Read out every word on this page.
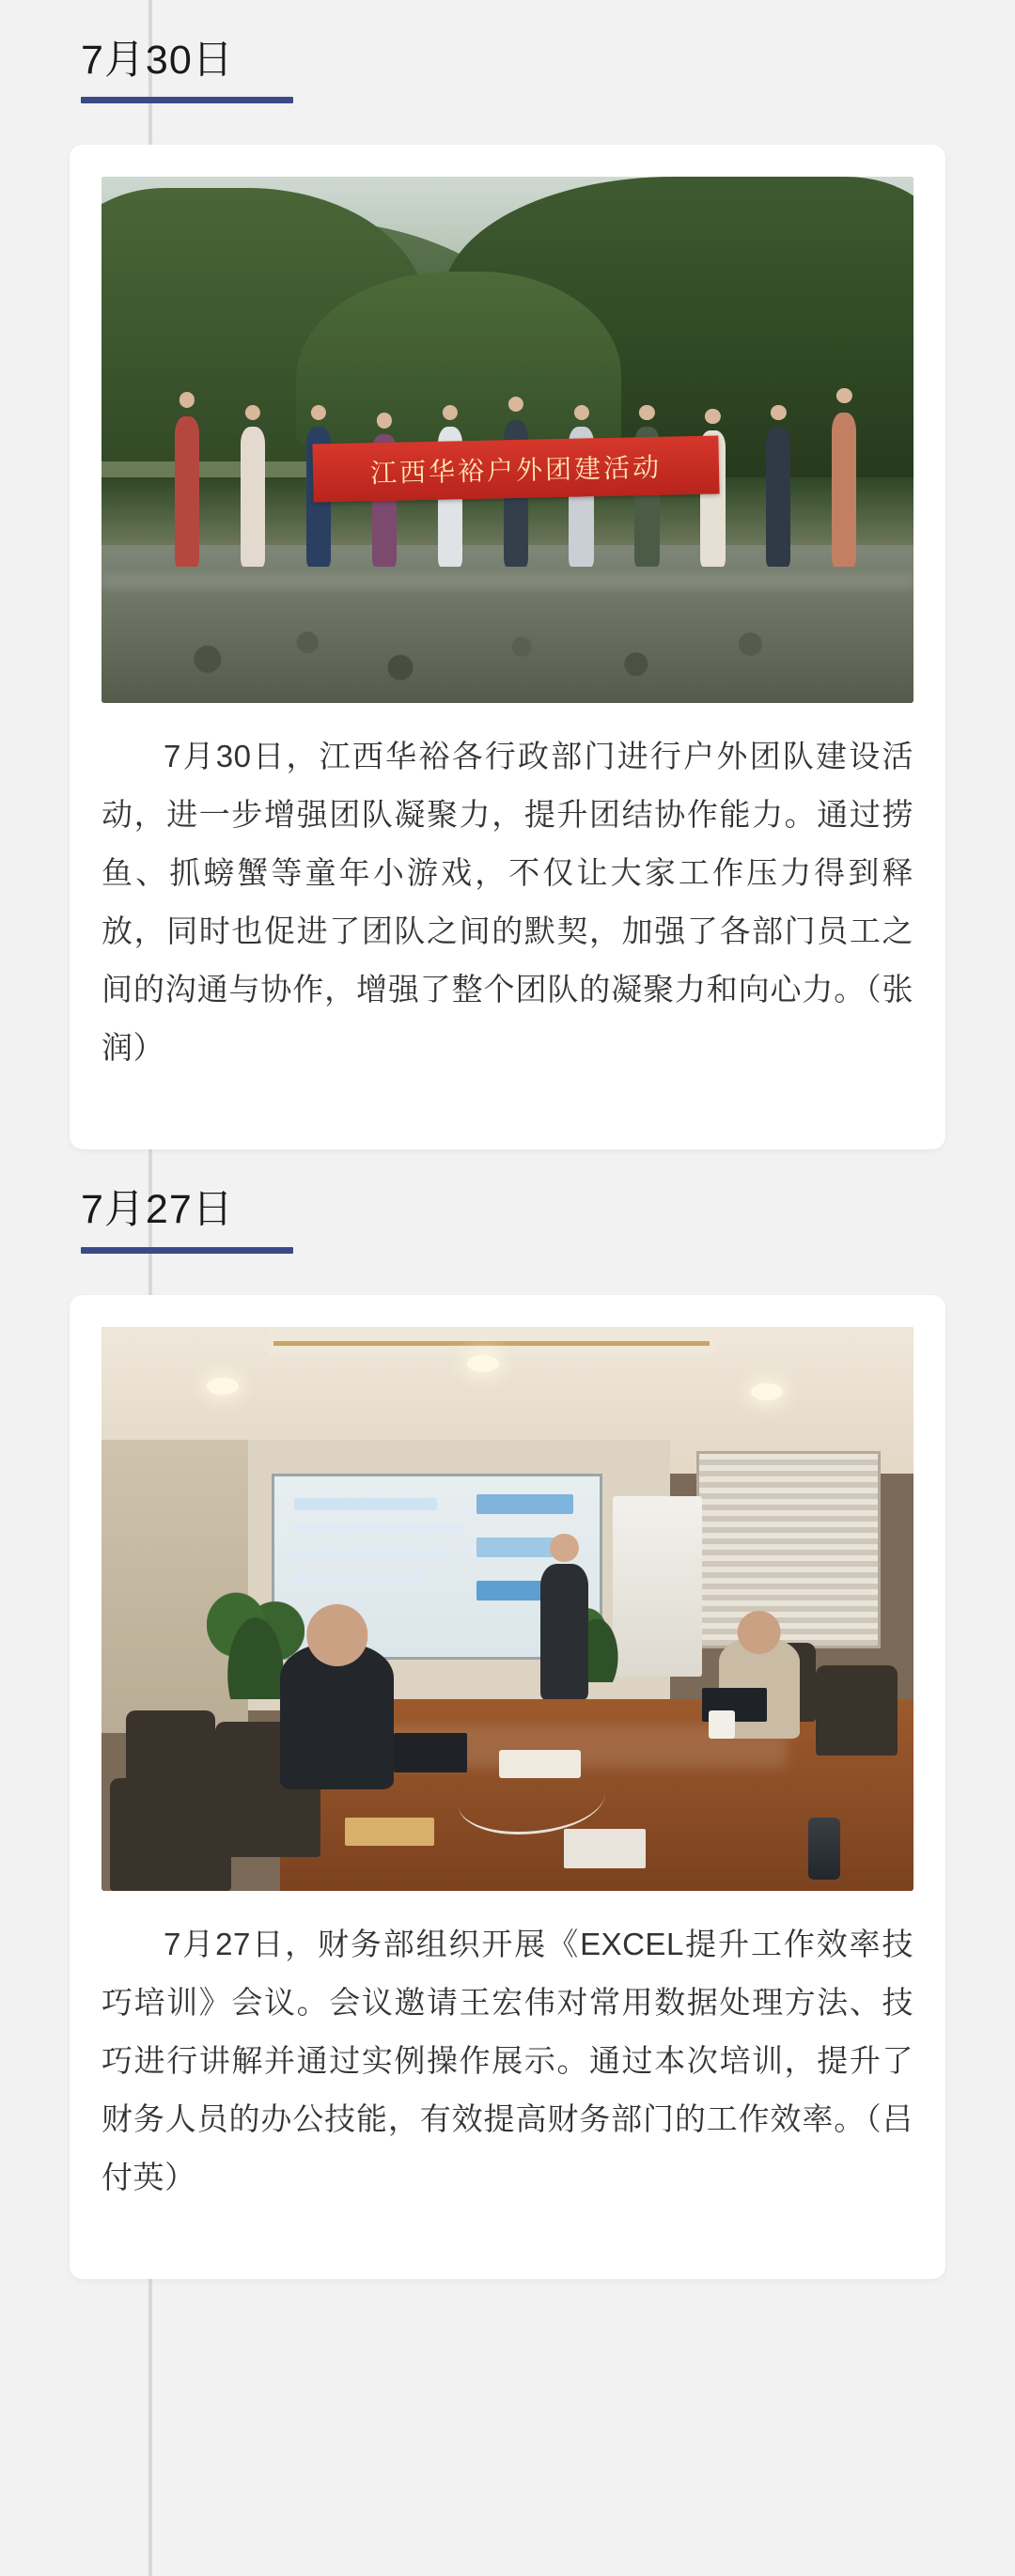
7月30日
江西华裕户外团建活动

7月30日，江西华裕各行政部门进行户外团队建设活动，进一步增强团队凝聚力，提升团结协作能力。通过捞鱼、抓螃蟹等童年小游戏，不仅让大家工作压力得到释放，同时也促进了团队之间的默契，加强了各部门员工之间的沟通与协作，增强了整个团队的凝聚力和向心力。（张润）

7月27日

7月27日，财务部组织开展《EXCEL提升工作效率技巧培训》会议。会议邀请王宏伟对常用数据处理方法、技巧进行讲解并通过实例操作展示。通过本次培训，提升了财务人员的办公技能，有效提高财务部门的工作效率。（吕付英）
